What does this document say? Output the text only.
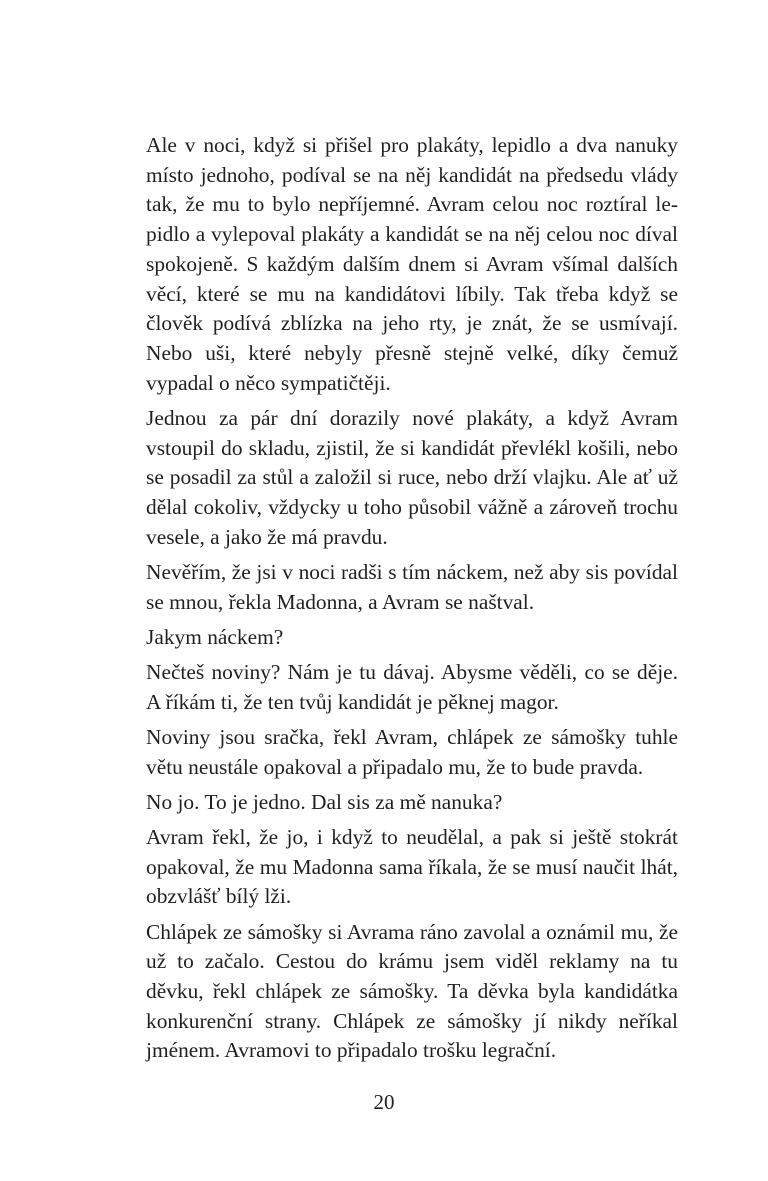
Ale v noci, když si přišel pro plakáty, lepidlo a dva nanuky místo jednoho, podíval se na něj kandidát na předsedu vlády tak, že mu to bylo nepříjemné. Avram celou noc roztíral lepidlo a vylepoval plakáty a kandidát se na něj celou noc díval spokojeně. S každým dalším dnem si Avram všímal dalších věcí, které se mu na kandidátovi líbily. Tak třeba když se člověk podívá zblízka na jeho rty, je znát, že se usmívají. Nebo uši, které nebyly přesně stejně velké, díky čemuž vypadal o něco sympatičtěji.

Jednou za pár dní dorazily nové plakáty, a když Avram vstoupil do skladu, zjistil, že si kandidát převlékl košili, nebo se posadil za stůl a založil si ruce, nebo drží vlajku. Ale ať už dělal cokoliv, vždycky u toho působil vážně a zároveň trochu vesele, a jako že má pravdu.

Nevěřím, že jsi v noci radši s tím náckem, než aby sis povídal se mnou, řekla Madonna, a Avram se naštval.

Jakym náckem?

Nečteš noviny? Nám je tu dávaj. Abysme věděli, co se děje. A říkám ti, že ten tvůj kandidát je pěknej magor.

Noviny jsou sračka, řekl Avram, chlápek ze sámošky tuhle větu neustále opakoval a připadalo mu, že to bude pravda.

No jo. To je jedno. Dal sis za mě nanuka?

Avram řekl, že jo, i když to neudělal, a pak si ještě stokrát opakoval, že mu Madonna sama říkala, že se musí naučit lhát, obzvlášť bílý lži.

Chlápek ze sámošky si Avrama ráno zavolal a oznámil mu, že už to začalo. Cestou do krámu jsem viděl reklamy na tu děvku, řekl chlápek ze sámošky. Ta děvka byla kandidátka konkurenční strany. Chlápek ze sámošky jí nikdy neříkal jménem. Avramovi to připadalo trošku legrační.

20
